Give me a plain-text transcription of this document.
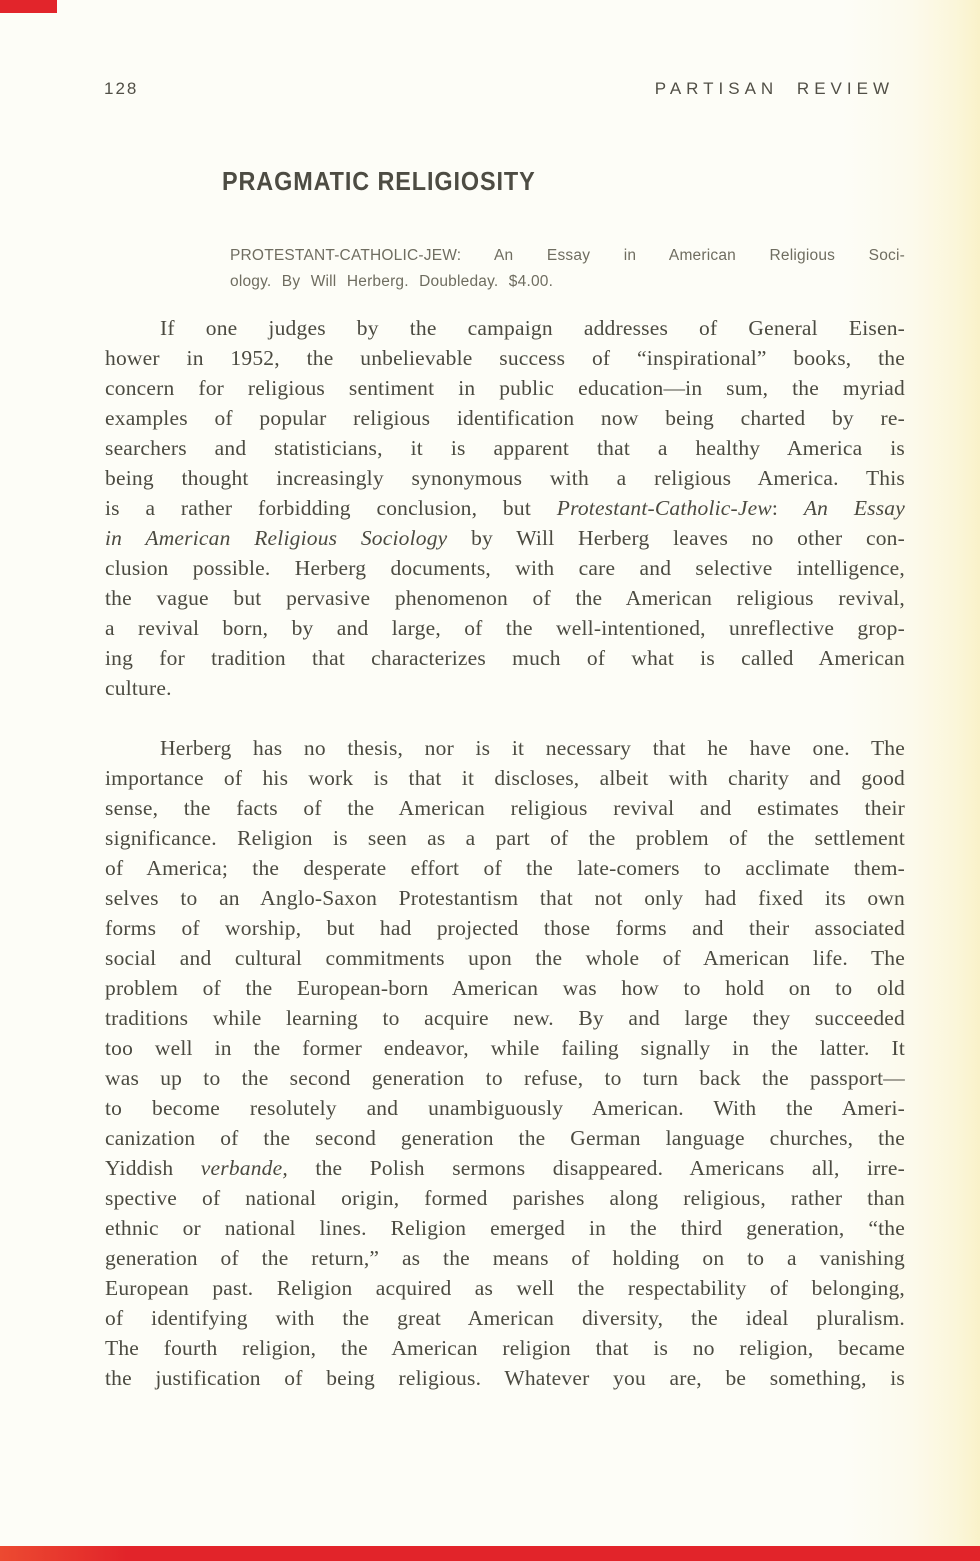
128	PARTISAN REVIEW
PRAGMATIC RELIGIOSITY
PROTESTANT-CATHOLIC-JEW: An Essay in American Religious Soci-
ology. By Will Herberg. Doubleday. $4.00.
If one judges by the campaign addresses of General Eisen-
hower in 1952, the unbelievable success of “inspirational” books, the
concern for religious sentiment in public education—in sum, the myriad
examples of popular religious identification now being charted by re-
searchers and statisticians, it is apparent that a healthy America is
being thought increasingly synonymous with a religious America. This
is a rather forbidding conclusion, but Protestant-Catholic-Jew: An Essay
in American Religious Sociology by Will Herberg leaves no other con-
clusion possible. Herberg documents, with care and selective intelligence,
the vague but pervasive phenomenon of the American religious revival,
a revival born, by and large, of the well-intentioned, unreflective grop-
ing for tradition that characterizes much of what is called American
culture.
Herberg has no thesis, nor is it necessary that he have one. The
importance of his work is that it discloses, albeit with charity and good
sense, the facts of the American religious revival and estimates their
significance. Religion is seen as a part of the problem of the settlement
of America; the desperate effort of the late-comers to acclimate them-
selves to an Anglo-Saxon Protestantism that not only had fixed its own
forms of worship, but had projected those forms and their associated
social and cultural commitments upon the whole of American life. The
problem of the European-born American was how to hold on to old
traditions while learning to acquire new. By and large they succeeded
too well in the former endeavor, while failing signally in the latter. It
was up to the second generation to refuse, to turn back the passport—
to become resolutely and unambiguously American. With the Ameri-
canization of the second generation the German language churches, the
Yiddish verbande, the Polish sermons disappeared. Americans all, irre-
spective of national origin, formed parishes along religious, rather than
ethnic or national lines. Religion emerged in the third generation, “the
generation of the return,” as the means of holding on to a vanishing
European past. Religion acquired as well the respectability of belonging,
of identifying with the great American diversity, the ideal pluralism.
The fourth religion, the American religion that is no religion, became
the justification of being religious. Whatever you are, be something, is
